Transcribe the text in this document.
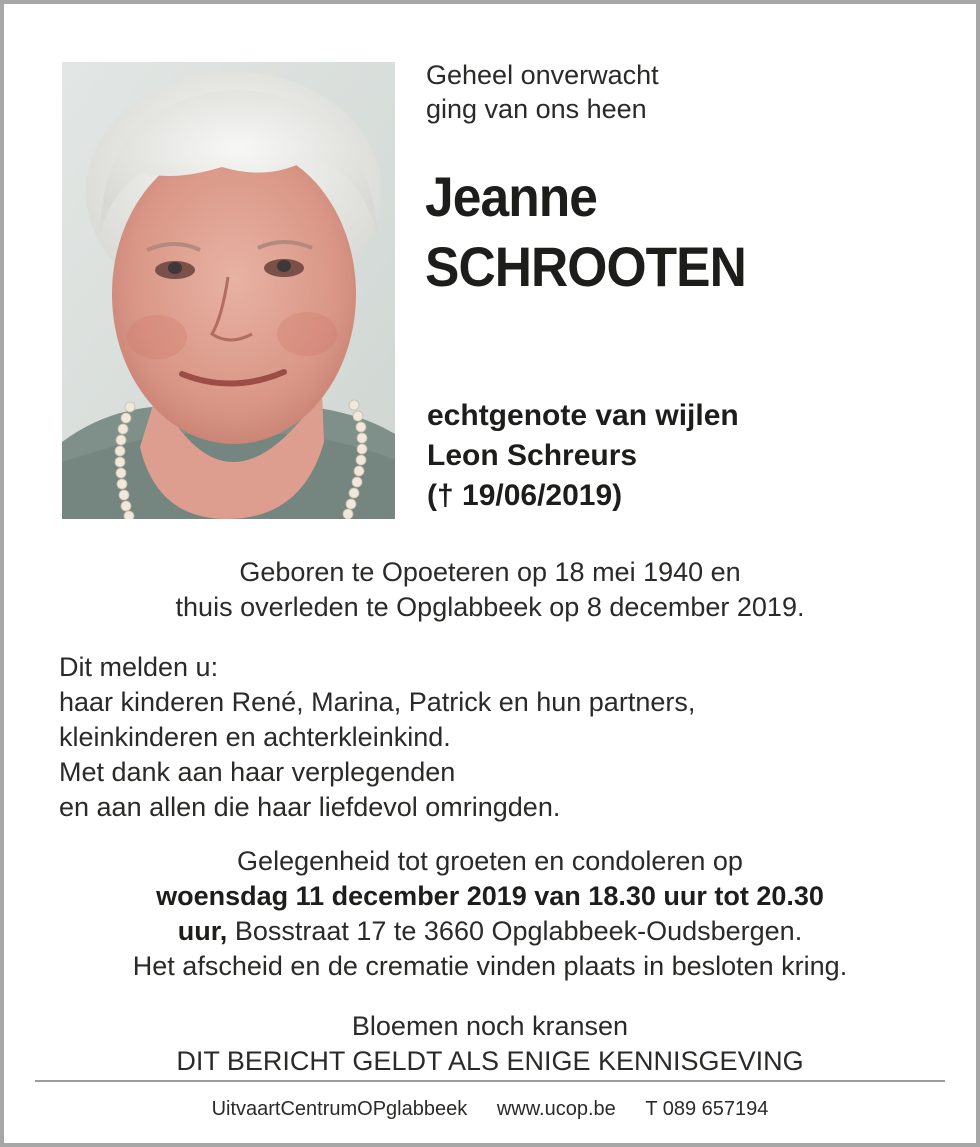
Geheel onverwacht
ging van ons heen
Jeanne
SCHROOTEN
echtgenote van wijlen
Leon Schreurs
(† 19/06/2019)
Geboren te Opoeteren op 18 mei 1940 en
thuis overleden te Opglabbeek op 8 december 2019.
Dit melden u:
haar kinderen René, Marina, Patrick en hun partners,
kleinkinderen en achterkleinkind.
Met dank aan haar verplegenden
en aan allen die haar liefdevol omringden.
Gelegenheid tot groeten en condoleren op
woensdag 11 december 2019 van 18.30 uur tot 20.30
uur, Bosstraat 17 te 3660 Opglabbeek-Oudsbergen.
Het afscheid en de crematie vinden plaats in besloten kring.
Bloemen noch kransen
DIT BERICHT GELDT ALS ENIGE KENNISGEVING
UitvaartCentrumOPglabbeek www.ucop.be T 089 657194
